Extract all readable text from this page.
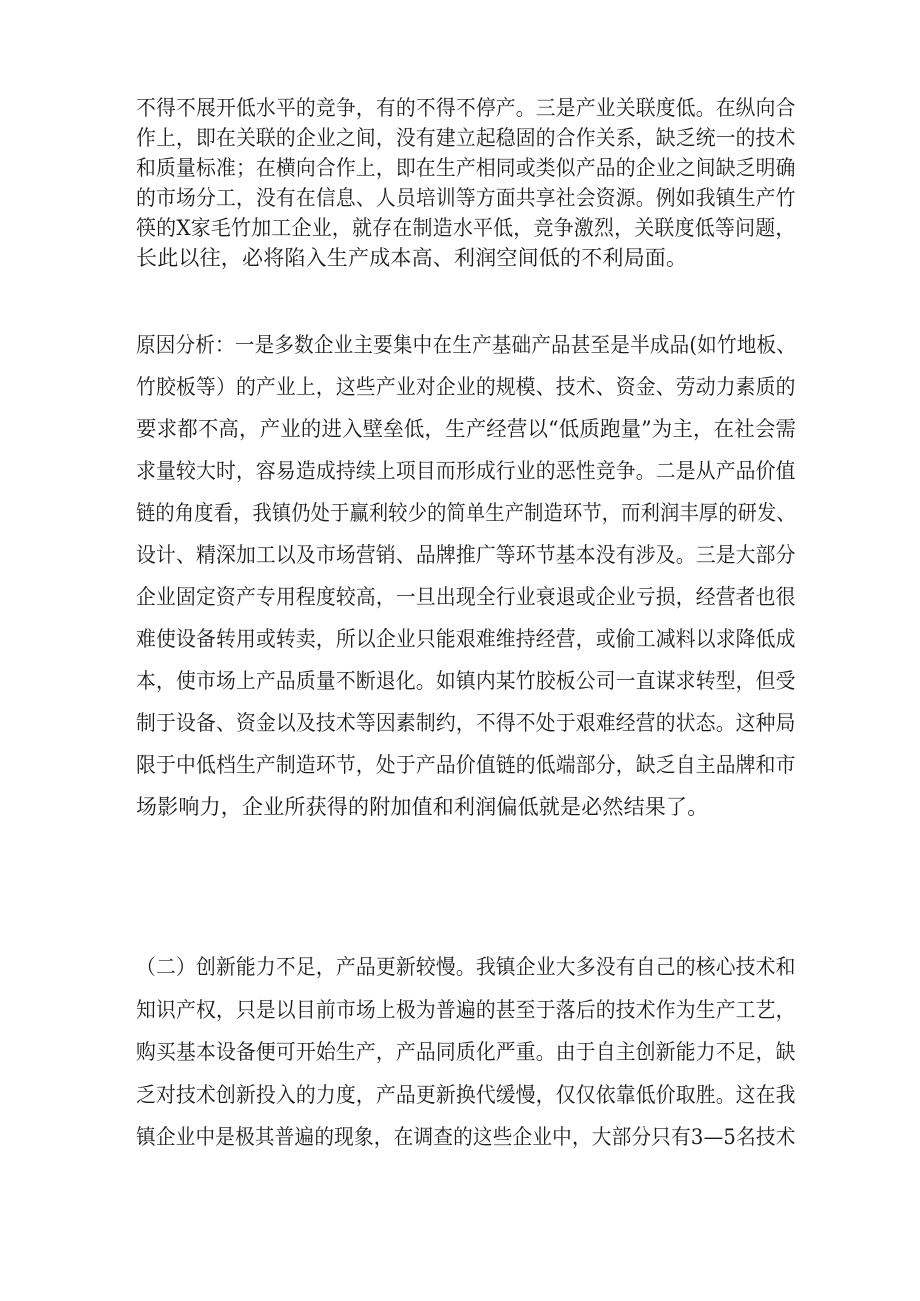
不得不展开低水平的竞争，有的不得不停产。三是产业关联度低。在纵向合
作上，即在关联的企业之间，没有建立起稳固的合作关系，缺乏统一的技术
和质量标准；在横向合作上，即在生产相同或类似产品的企业之间缺乏明确
的市场分工，没有在信息、人员培训等方面共享社会资源。例如我镇生产竹
筷的X家毛竹加工企业，就存在制造水平低，竞争激烈，关联度低等问题，
长此以往，必将陷入生产成本高、利润空间低的不利局面。
原因分析：一是多数企业主要集中在生产基础产品甚至是半成品(如竹地板、
竹胶板等）的产业上，这些产业对企业的规模、技术、资金、劳动力素质的
要求都不高，产业的进入壁垒低，生产经营以“低质跑量”为主，在社会需
求量较大时，容易造成持续上项目而形成行业的恶性竞争。二是从产品价值
链的角度看，我镇仍处于赢利较少的简单生产制造环节，而利润丰厚的研发、
设计、精深加工以及市场营销、品牌推广等环节基本没有涉及。三是大部分
企业固定资产专用程度较高，一旦出现全行业衰退或企业亏损，经营者也很
难使设备转用或转卖，所以企业只能艰难维持经营，或偷工减料以求降低成
本，使市场上产品质量不断退化。如镇内某竹胶板公司一直谋求转型，但受
制于设备、资金以及技术等因素制约，不得不处于艰难经营的状态。这种局
限于中低档生产制造环节，处于产品价值链的低端部分，缺乏自主品牌和市
场影响力，企业所获得的附加值和利润偏低就是必然结果了。
（二）创新能力不足，产品更新较慢。我镇企业大多没有自己的核心技术和
知识产权，只是以目前市场上极为普遍的甚至于落后的技术作为生产工艺，
购买基本设备便可开始生产，产品同质化严重。由于自主创新能力不足，缺
乏对技术创新投入的力度，产品更新换代缓慢，仅仅依靠低价取胜。这在我
镇企业中是极其普遍的现象，在调查的这些企业中，大部分只有3—5名技术
